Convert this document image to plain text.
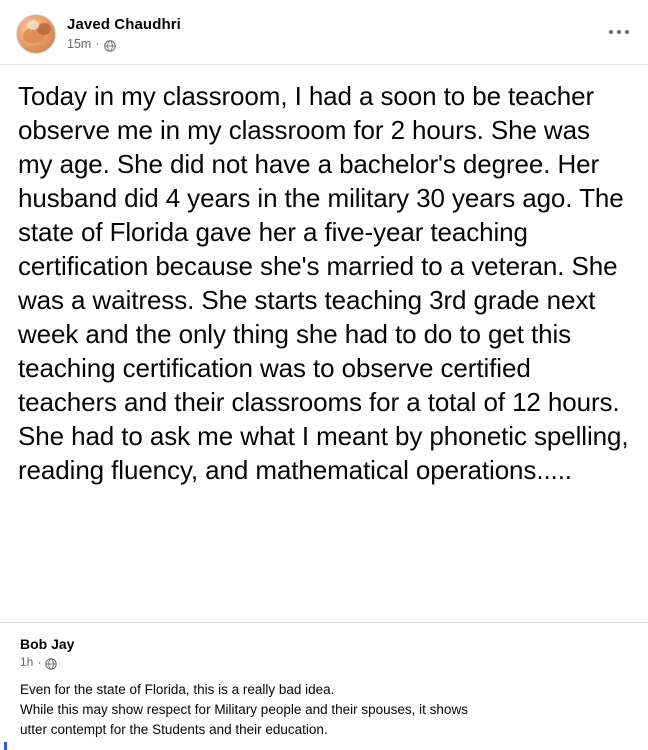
Javed Chaudhri
15m ·
Today in my classroom, I had a soon to be teacher observe me in my classroom for 2 hours. She was my age. She did not have a bachelor's degree. Her husband did 4 years in the military 30 years ago. The state of Florida gave her a five-year teaching certification because she's married to a veteran. She was a waitress. She starts teaching 3rd grade next week and the only thing she had to do to get this teaching certification was to observe certified teachers and their classrooms for a total of 12 hours. She had to ask me what I meant by phonetic spelling, reading fluency, and mathematical operations.....
Bob Jay
1h ·

Even for the state of Florida, this is a really bad idea.

While this may show respect for Military people and their spouses, it shows

utter contempt for the Students and their education.
